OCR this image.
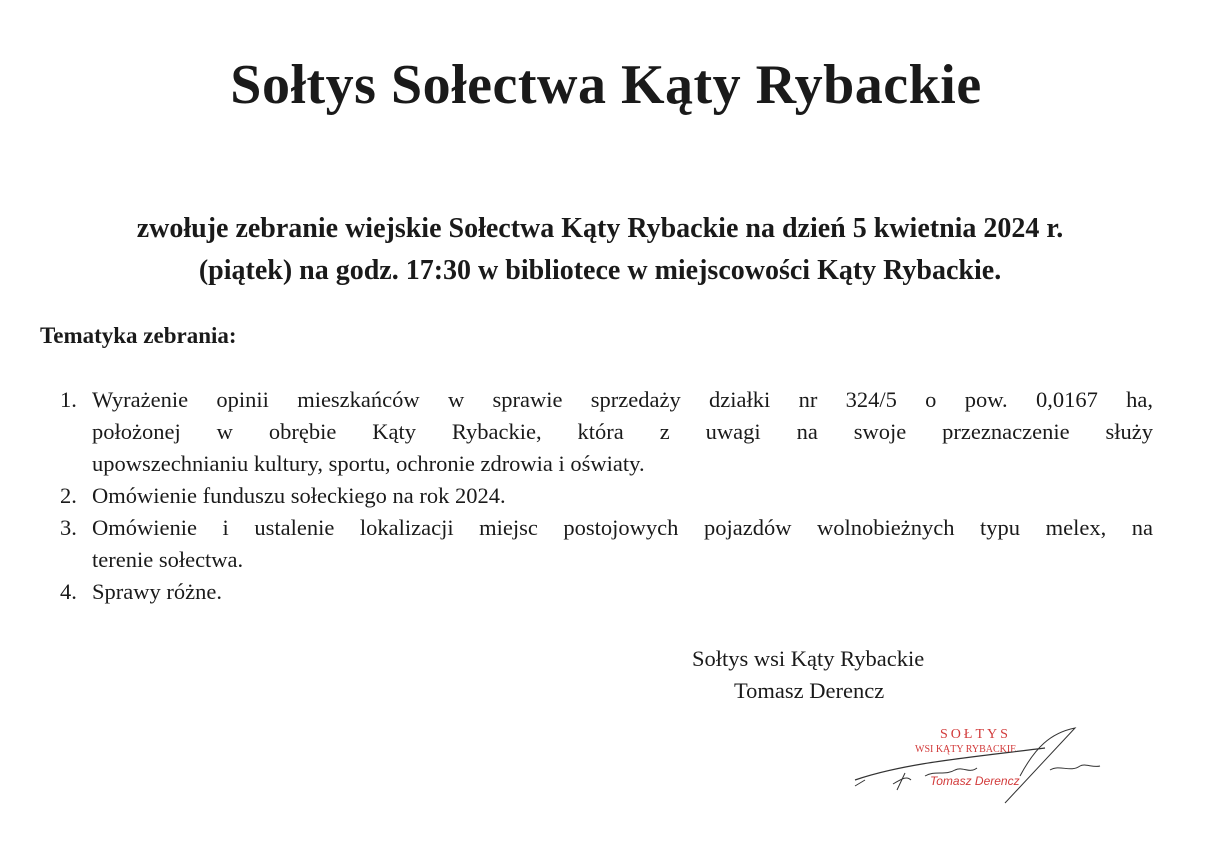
Sołtys Sołectwa Kąty Rybackie
zwołuje zebranie wiejskie Sołectwa Kąty Rybackie na dzień 5 kwietnia 2024 r.
(piątek) na godz. 17:30 w bibliotece w miejscowości Kąty Rybackie.
Tematyka zebrania:
1. Wyrażenie opinii mieszkańców w sprawie sprzedaży działki nr 324/5 o pow. 0,0167 ha,
położonej w obrębie Kąty Rybackie, która z uwagi na swoje przeznaczenie służy
upowszechnianiu kultury, sportu, ochronie zdrowia i oświaty.
2. Omówienie funduszu sołeckiego na rok 2024.
3. Omówienie i ustalenie lokalizacji miejsc postojowych pojazdów wolnobieżnych typu melex, na
terenie sołectwa.
4. Sprawy różne.
Sołtys wsi Kąty Rybackie
Tomasz Derencz
SOŁTYS
WSI KĄTY RYBACKIE
Tomasz Derencz
